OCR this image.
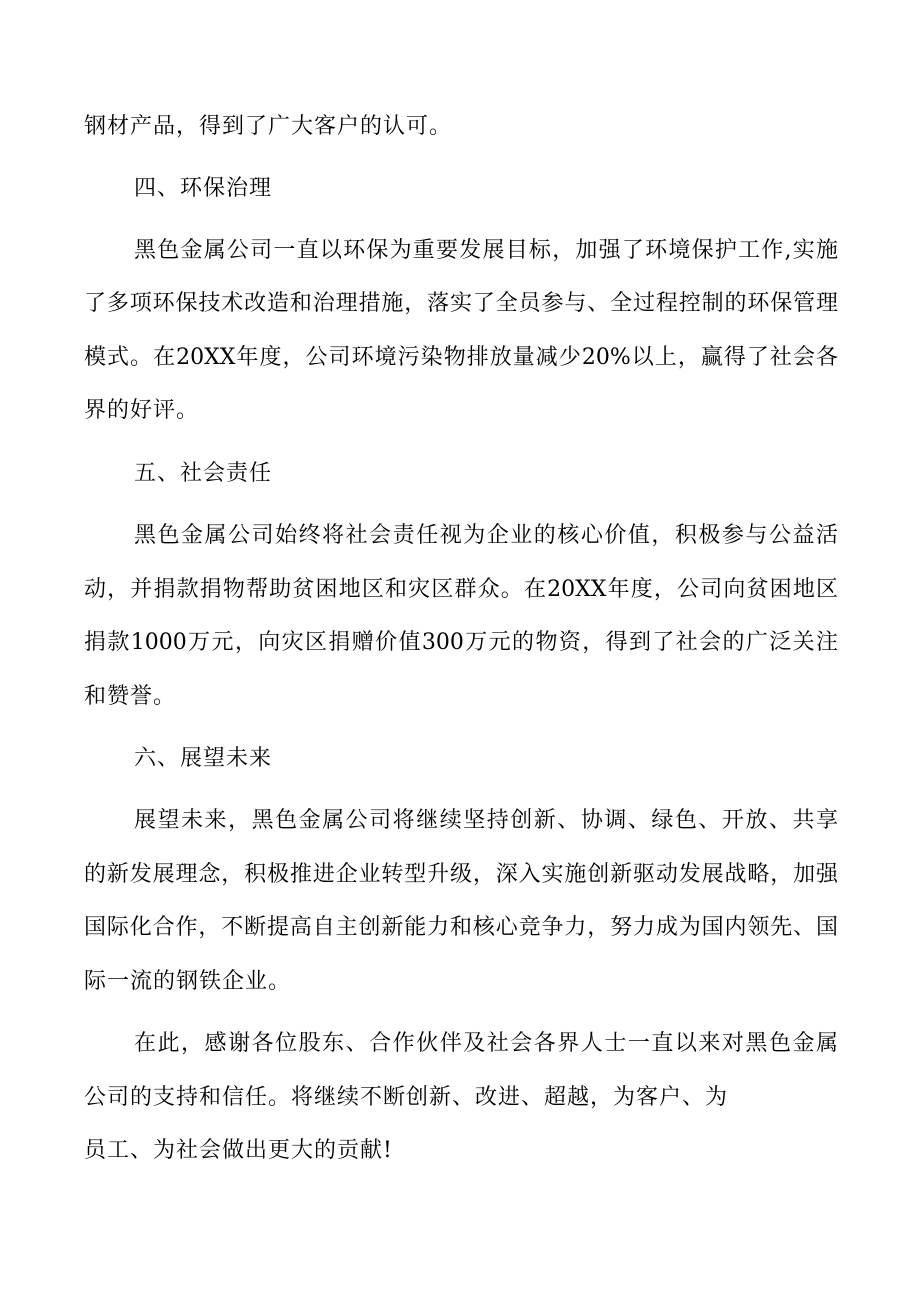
钢材产品，得到了广大客户的认可。
四、环保治理
黑色金属公司一直以环保为重要发展目标，加强了环境保护工作,实施
了多项环保技术改造和治理措施，落实了全员参与、全过程控制的环保管理
模式。在20XX年度，公司环境污染物排放量减少20%以上，赢得了社会各
界的好评。
五、社会责任
黑色金属公司始终将社会责任视为企业的核心价值，积极参与公益活
动，并捐款捐物帮助贫困地区和灾区群众。在20XX年度，公司向贫困地区
捐款1000万元，向灾区捐赠价值300万元的物资，得到了社会的广泛关注
和赞誉。
六、展望未来
展望未来，黑色金属公司将继续坚持创新、协调、绿色、开放、共享
的新发展理念，积极推进企业转型升级，深入实施创新驱动发展战略，加强
国际化合作，不断提高自主创新能力和核心竞争力，努力成为国内领先、国
际一流的钢铁企业。
在此，感谢各位股东、合作伙伴及社会各界人士一直以来对黑色金属
公司的支持和信任。将继续不断创新、改进、超越，为客户、为
员工、为社会做出更大的贡献!
